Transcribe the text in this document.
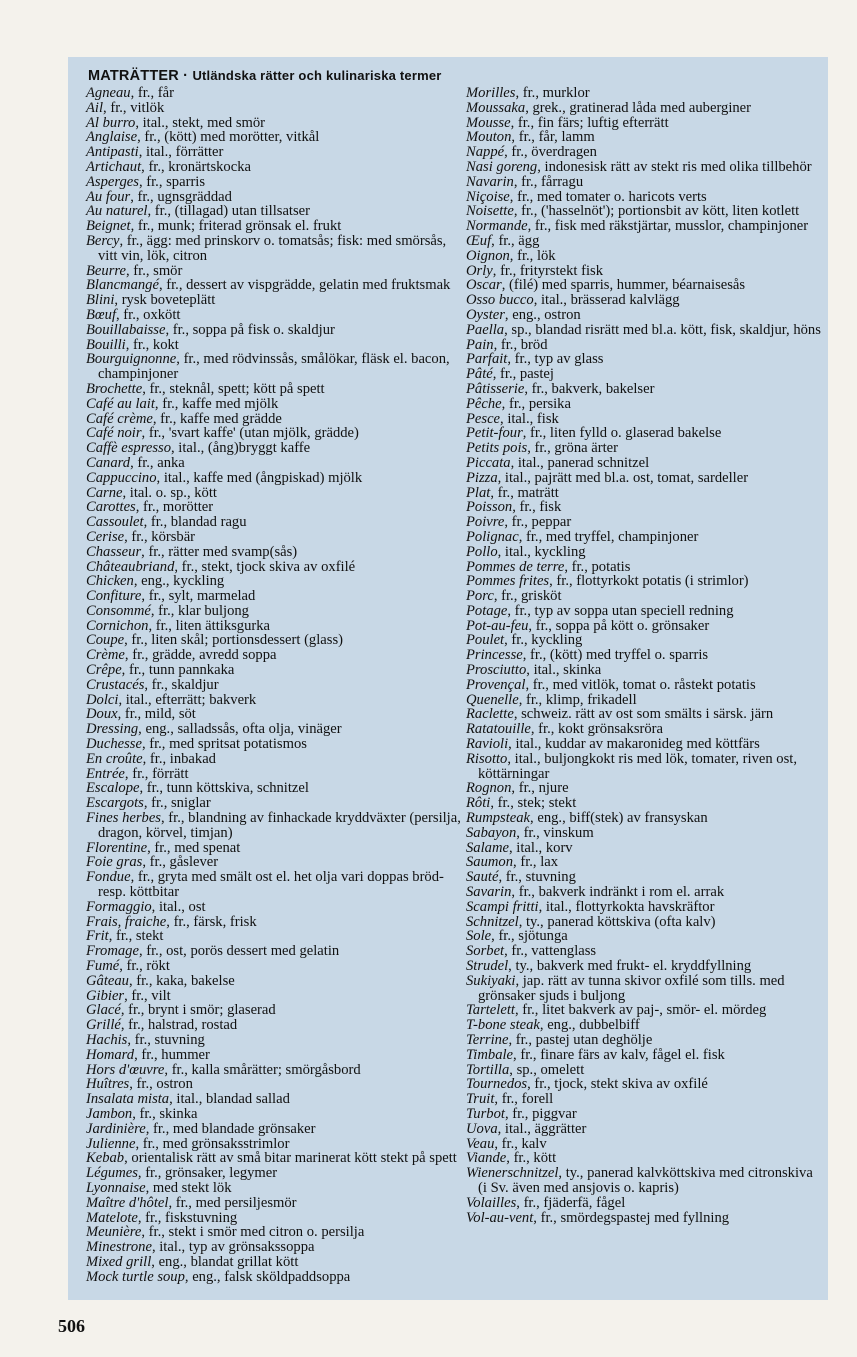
MATRÄTTER · Utländska rätter och kulinariska termer
Agneau, fr., får
Ail, fr., vitlök
Al burro, ital., stekt, med smör
Anglaise, fr., (kött) med morötter, vitkål
Antipasti, ital., förrätter
Artichaut, fr., kronärtskocka
Asperges, fr., sparris
Au four, fr., ugnsgräddad
Au naturel, fr., (tillagad) utan tillsatser
Beignet, fr., munk; friterad grönsak el. frukt
Bercy, fr., ägg: med prinskorv o. tomatsås; fisk: med smörsås, vitt vin, lök, citron
Beurre, fr., smör
Blancmangé, fr., dessert av vispgrädde, gelatin med fruktsmak
Blini, rysk boveteplätt
Bœuf, fr., oxkött
Bouillabaisse, fr., soppa på fisk o. skaldjur
Bouilli, fr., kokt
Bourguignonne, fr., med rödvinssås, smålökar, fläsk el. bacon, champinjoner
Brochette, fr., steknål, spett; kött på spett
Café au lait, fr., kaffe med mjölk
Café crème, fr., kaffe med grädde
Café noir, fr., 'svart kaffe' (utan mjölk, grädde)
Caffè espresso, ital., (ång)bryggt kaffe
Canard, fr., anka
Cappuccino, ital., kaffe med (ångpiskad) mjölk
Carne, ital. o. sp., kött
Carottes, fr., morötter
Cassoulet, fr., blandad ragu
Cerise, fr., körsbär
Chasseur, fr., rätter med svamp(sås)
Châteaubriand, fr., stekt, tjock skiva av oxfilé
Chicken, eng., kyckling
Confiture, fr., sylt, marmelad
Consommé, fr., klar buljong
Cornichon, fr., liten ättiksgurka
Coupe, fr., liten skål; portionsdessert (glass)
Crème, fr., grädde, avredd soppa
Crêpe, fr., tunn pannkaka
Crustacés, fr., skaldjur
Dolci, ital., efterrätt; bakverk
Doux, fr., mild, söt
Dressing, eng., salladssås, ofta olja, vinäger
Duchesse, fr., med spritsat potatismos
En croûte, fr., inbakad
Entrée, fr., förrätt
Escalope, fr., tunn köttskiva, schnitzel
Escargots, fr., sniglar
Fines herbes, fr., blandning av finhackade kryddväxter (persilja, dragon, körvel, timjan)
Florentine, fr., med spenat
Foie gras, fr., gåslever
Fondue, fr., gryta med smält ost el. het olja vari doppas bröd- resp. köttbitar
Formaggio, ital., ost
Frais, fraiche, fr., färsk, frisk
Frit, fr., stekt
Fromage, fr., ost, porös dessert med gelatin
Fumé, fr., rökt
Gâteau, fr., kaka, bakelse
Gibier, fr., vilt
Glacé, fr., brynt i smör; glaserad
Grillé, fr., halstrad, rostad
Hachis, fr., stuvning
Homard, fr., hummer
Hors d'œuvre, fr., kalla smårätter; smörgåsbord
Huîtres, fr., ostron
Insalata mista, ital., blandad sallad
Jambon, fr., skinka
Jardinière, fr., med blandade grönsaker
Julienne, fr., med grönsaksstrimlor
Kebab, orientalisk rätt av små bitar marinerat kött stekt på spett
Légumes, fr., grönsaker, legymer
Lyonnaise, med stekt lök
Maître d'hôtel, fr., med persiljesmör
Matelote, fr., fiskstuvning
Meunière, fr., stekt i smör med citron o. persilja
Minestrone, ital., typ av grönsakssoppa
Mixed grill, eng., blandat grillat kött
Mock turtle soup, eng., falsk sköldpaddsoppa
Morilles, fr., murklor
Moussaka, grek., gratinerad låda med auberginer
Mousse, fr., fin färs; luftig efterrätt
Mouton, fr., får, lamm
Nappé, fr., överdragen
Nasi goreng, indonesisk rätt av stekt ris med olika tillbehör
Navarin, fr., fårragu
Niçoise, fr., med tomater o. haricots verts
Noisette, fr., ('hasselnöt'); portionsbit av kött, liten kotlett
Normande, fr., fisk med räkstjärtar, musslor, champinjoner
Œuf, fr., ägg
Oignon, fr., lök
Orly, fr., frityrstekt fisk
Oscar, (filé) med sparris, hummer, béarnaisesås
Osso bucco, ital., brässerad kalvlägg
Oyster, eng., ostron
Paella, sp., blandad risrätt med bl.a. kött, fisk, skaldjur, höns
Pain, fr., bröd
Parfait, fr., typ av glass
Pâté, fr., pastej
Pâtisserie, fr., bakverk, bakelser
Pêche, fr., persika
Pesce, ital., fisk
Petit-four, fr., liten fylld o. glaserad bakelse
Petits pois, fr., gröna ärter
Piccata, ital., panerad schnitzel
Pizza, ital., pajrätt med bl.a. ost, tomat, sardeller
Plat, fr., maträtt
Poisson, fr., fisk
Poivre, fr., peppar
Polignac, fr., med tryffel, champinjoner
Pollo, ital., kyckling
Pommes de terre, fr., potatis
Pommes frites, fr., flottyrkokt potatis (i strimlor)
Porc, fr., grisköt
Potage, fr., typ av soppa utan speciell redning
Pot-au-feu, fr., soppa på kött o. grönsaker
Poulet, fr., kyckling
Princesse, fr., (kött) med tryffel o. sparris
Prosciutto, ital., skinka
Provençal, fr., med vitlök, tomat o. råstekt potatis
Quenelle, fr., klimp, frikadell
Raclette, schweiz. rätt av ost som smälts i särsk. järn
Ratatouille, fr., kokt grönsaksröra
Ravioli, ital., kuddar av makaronideg med köttfärs
Risotto, ital., buljongkokt ris med lök, tomater, riven ost, köttärningar
Rognon, fr., njure
Rôti, fr., stek; stekt
Rumpsteak, eng., biff(stek) av fransyskan
Sabayon, fr., vinskum
Salame, ital., korv
Saumon, fr., lax
Sauté, fr., stuvning
Savarin, fr., bakverk indränkt i rom el. arrak
Scampi fritti, ital., flottyrkokta havskräftor
Schnitzel, ty., panerad köttskiva (ofta kalv)
Sole, fr., sjötunga
Sorbet, fr., vattenglass
Strudel, ty., bakverk med frukt- el. kryddfyllning
Sukiyaki, jap. rätt av tunna skivor oxfilé som tills. med grönsaker sjuds i buljong
Tartelett, fr., litet bakverk av paj-, smör- el. mördeg
T-bone steak, eng., dubbelbiff
Terrine, fr., pastej utan deghölje
Timbale, fr., finare färs av kalv, fågel el. fisk
Tortilla, sp., omelett
Tournedos, fr., tjock, stekt skiva av oxfilé
Truit, fr., forell
Turbot, fr., piggvar
Uova, ital., äggrätter
Veau, fr., kalv
Viande, fr., kött
Wienerschnitzel, ty., panerad kalvköttskiva med citronskiva (i Sv. även med ansjovis o. kapris)
Volailles, fr., fjäderfä, fågel
Vol-au-vent, fr., smördegspastej med fyllning
506
